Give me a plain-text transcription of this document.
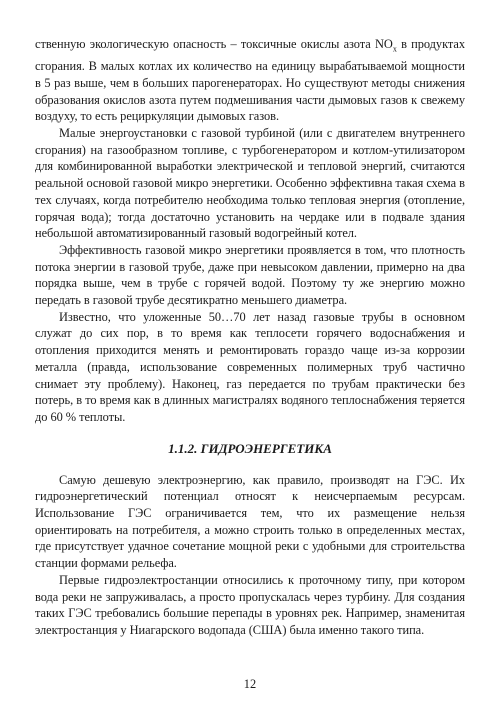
ственную экологическую опасность – токсичные окислы азота $NO_x$ в продуктах сгорания. В малых котлах их количество на единицу вырабатываемой мощности в 5 раз выше, чем в больших парогенераторах. Но существуют методы снижения образования окислов азота путем подмешивания части дымовых газов к свежему воздуху, то есть рециркуляции дымовых газов.

Малые энергоустановки с газовой турбиной (или с двигателем внутреннего сгорания) на газообразном топливе, с турбогенератором и котлом-утилизатором для комбинированной выработки электрической и тепловой энергий, считаются реальной основой газовой микро энергетики. Особенно эффективна такая схема в тех случаях, когда потребителю необходима только тепловая энергия (отопление, горячая вода); тогда достаточно установить на чердаке или в подвале здания небольшой автоматизированный газовый водогрейный котел.

Эффективность газовой микро энергетики проявляется в том, что плотность потока энергии в газовой трубе, даже при невысоком давлении, примерно на два порядка выше, чем в трубе с горячей водой. Поэтому ту же энергию можно передать в газовой трубе десятикратно меньшего диаметра.

Известно, что уложенные 50…70 лет назад газовые трубы в основном служат до сих пор, в то время как теплосети горячего водоснабжения и отопления приходится менять и ремонтировать гораздо чаще из-за коррозии металла (правда, использование современных полимерных труб частично снимает эту проблему). Наконец, газ передается по трубам практически без потерь, в то время как в длинных магистралях водяного теплоснабжения теряется до 60 % теплоты.

1.1.2. ГИДРОЭНЕРГЕТИКА

Самую дешевую электроэнергию, как правило, производят на ГЭС. Их гидроэнергетический потенциал относят к неисчерпаемым ресурсам. Использование ГЭС ограничивается тем, что их размещение нельзя ориентировать на потребителя, а можно строить только в определенных местах, где присутствует удачное сочетание мощной реки с удобными для строительства станции формами рельефа.

Первые гидроэлектростанции относились к проточному типу, при котором вода реки не запруживалась, а просто пропускалась через турбину. Для создания таких ГЭС требовались большие перепады в уровнях рек. Например, знаменитая электростанция у Ниагарского водопада (США) была именно такого типа.

12
